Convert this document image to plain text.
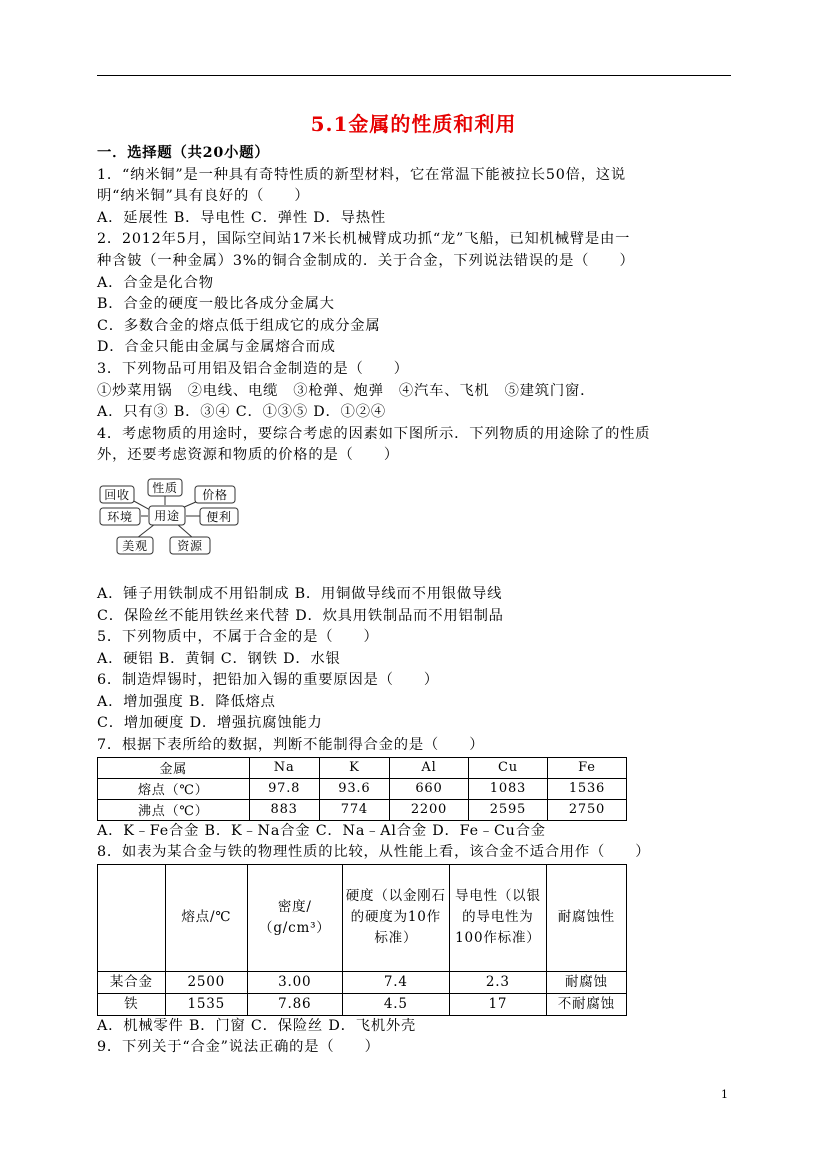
5.1金属的性质和利用
一．选择题（共20小题）
1．“纳米铜”是一种具有奇特性质的新型材料，它在常温下能被拉长50倍，这说
明“纳米铜”具有良好的（　　）
A．延展性 B．导电性 C．弹性 D．导热性
2．2012年5月，国际空间站17米长机械臂成功抓“龙”飞船，已知机械臂是由一
种含铍（一种金属）3%的铜合金制成的．关于合金，下列说法错误的是（　　）
A．合金是化合物
B．合金的硬度一般比各成分金属大
C．多数合金的熔点低于组成它的成分金属
D．合金只能由金属与金属熔合而成
3．下列物品可用铝及铝合金制造的是（　　）
①炒菜用锅　②电线、电缆　③枪弹、炮弹　④汽车、飞机　⑤建筑门窗．
A．只有③ B．③④ C．①③⑤ D．①②④
4．考虑物质的用途时，要综合考虑的因素如下图所示．下列物质的用途除了的性质
外，还要考虑资源和物质的价格的是（　　）
回收 性质 价格
环境 用途 便利
美观 资源
A．锤子用铁制成不用铅制成 B．用铜做导线而不用银做导线
C．保险丝不能用铁丝来代替 D．炊具用铁制品而不用铝制品
5．下列物质中，不属于合金的是（　　）
A．硬铝 B．黄铜 C．钢铁 D．水银
6．制造焊锡时，把铅加入锡的重要原因是（　　）
A．增加强度 B．降低熔点
C．增加硬度 D．增强抗腐蚀能力
7．根据下表所给的数据，判断不能制得合金的是（　　）
金属	Na	K	Al	Cu	Fe
熔点（℃）	97.8	93.6	660	1083	1536
沸点（℃）	883	774	2200	2595	2750
A．K﹣Fe合金 B．K﹣Na合金 C．Na﹣Al合金 D．Fe﹣Cu合金
8．如表为某合金与铁的物理性质的比较，从性能上看，该合金不适合用作（　　）
	熔点/℃	密度/（g/cm³）	硬度（以金刚石的硬度为10作标准）	导电性（以银的导电性为100作标准）	耐腐蚀性
某合金	2500	3.00	7.4	2.3	耐腐蚀
铁	1535	7.86	4.5	17	不耐腐蚀
A．机械零件 B．门窗 C．保险丝 D．飞机外壳
9．下列关于“合金”说法正确的是（　　）
1
